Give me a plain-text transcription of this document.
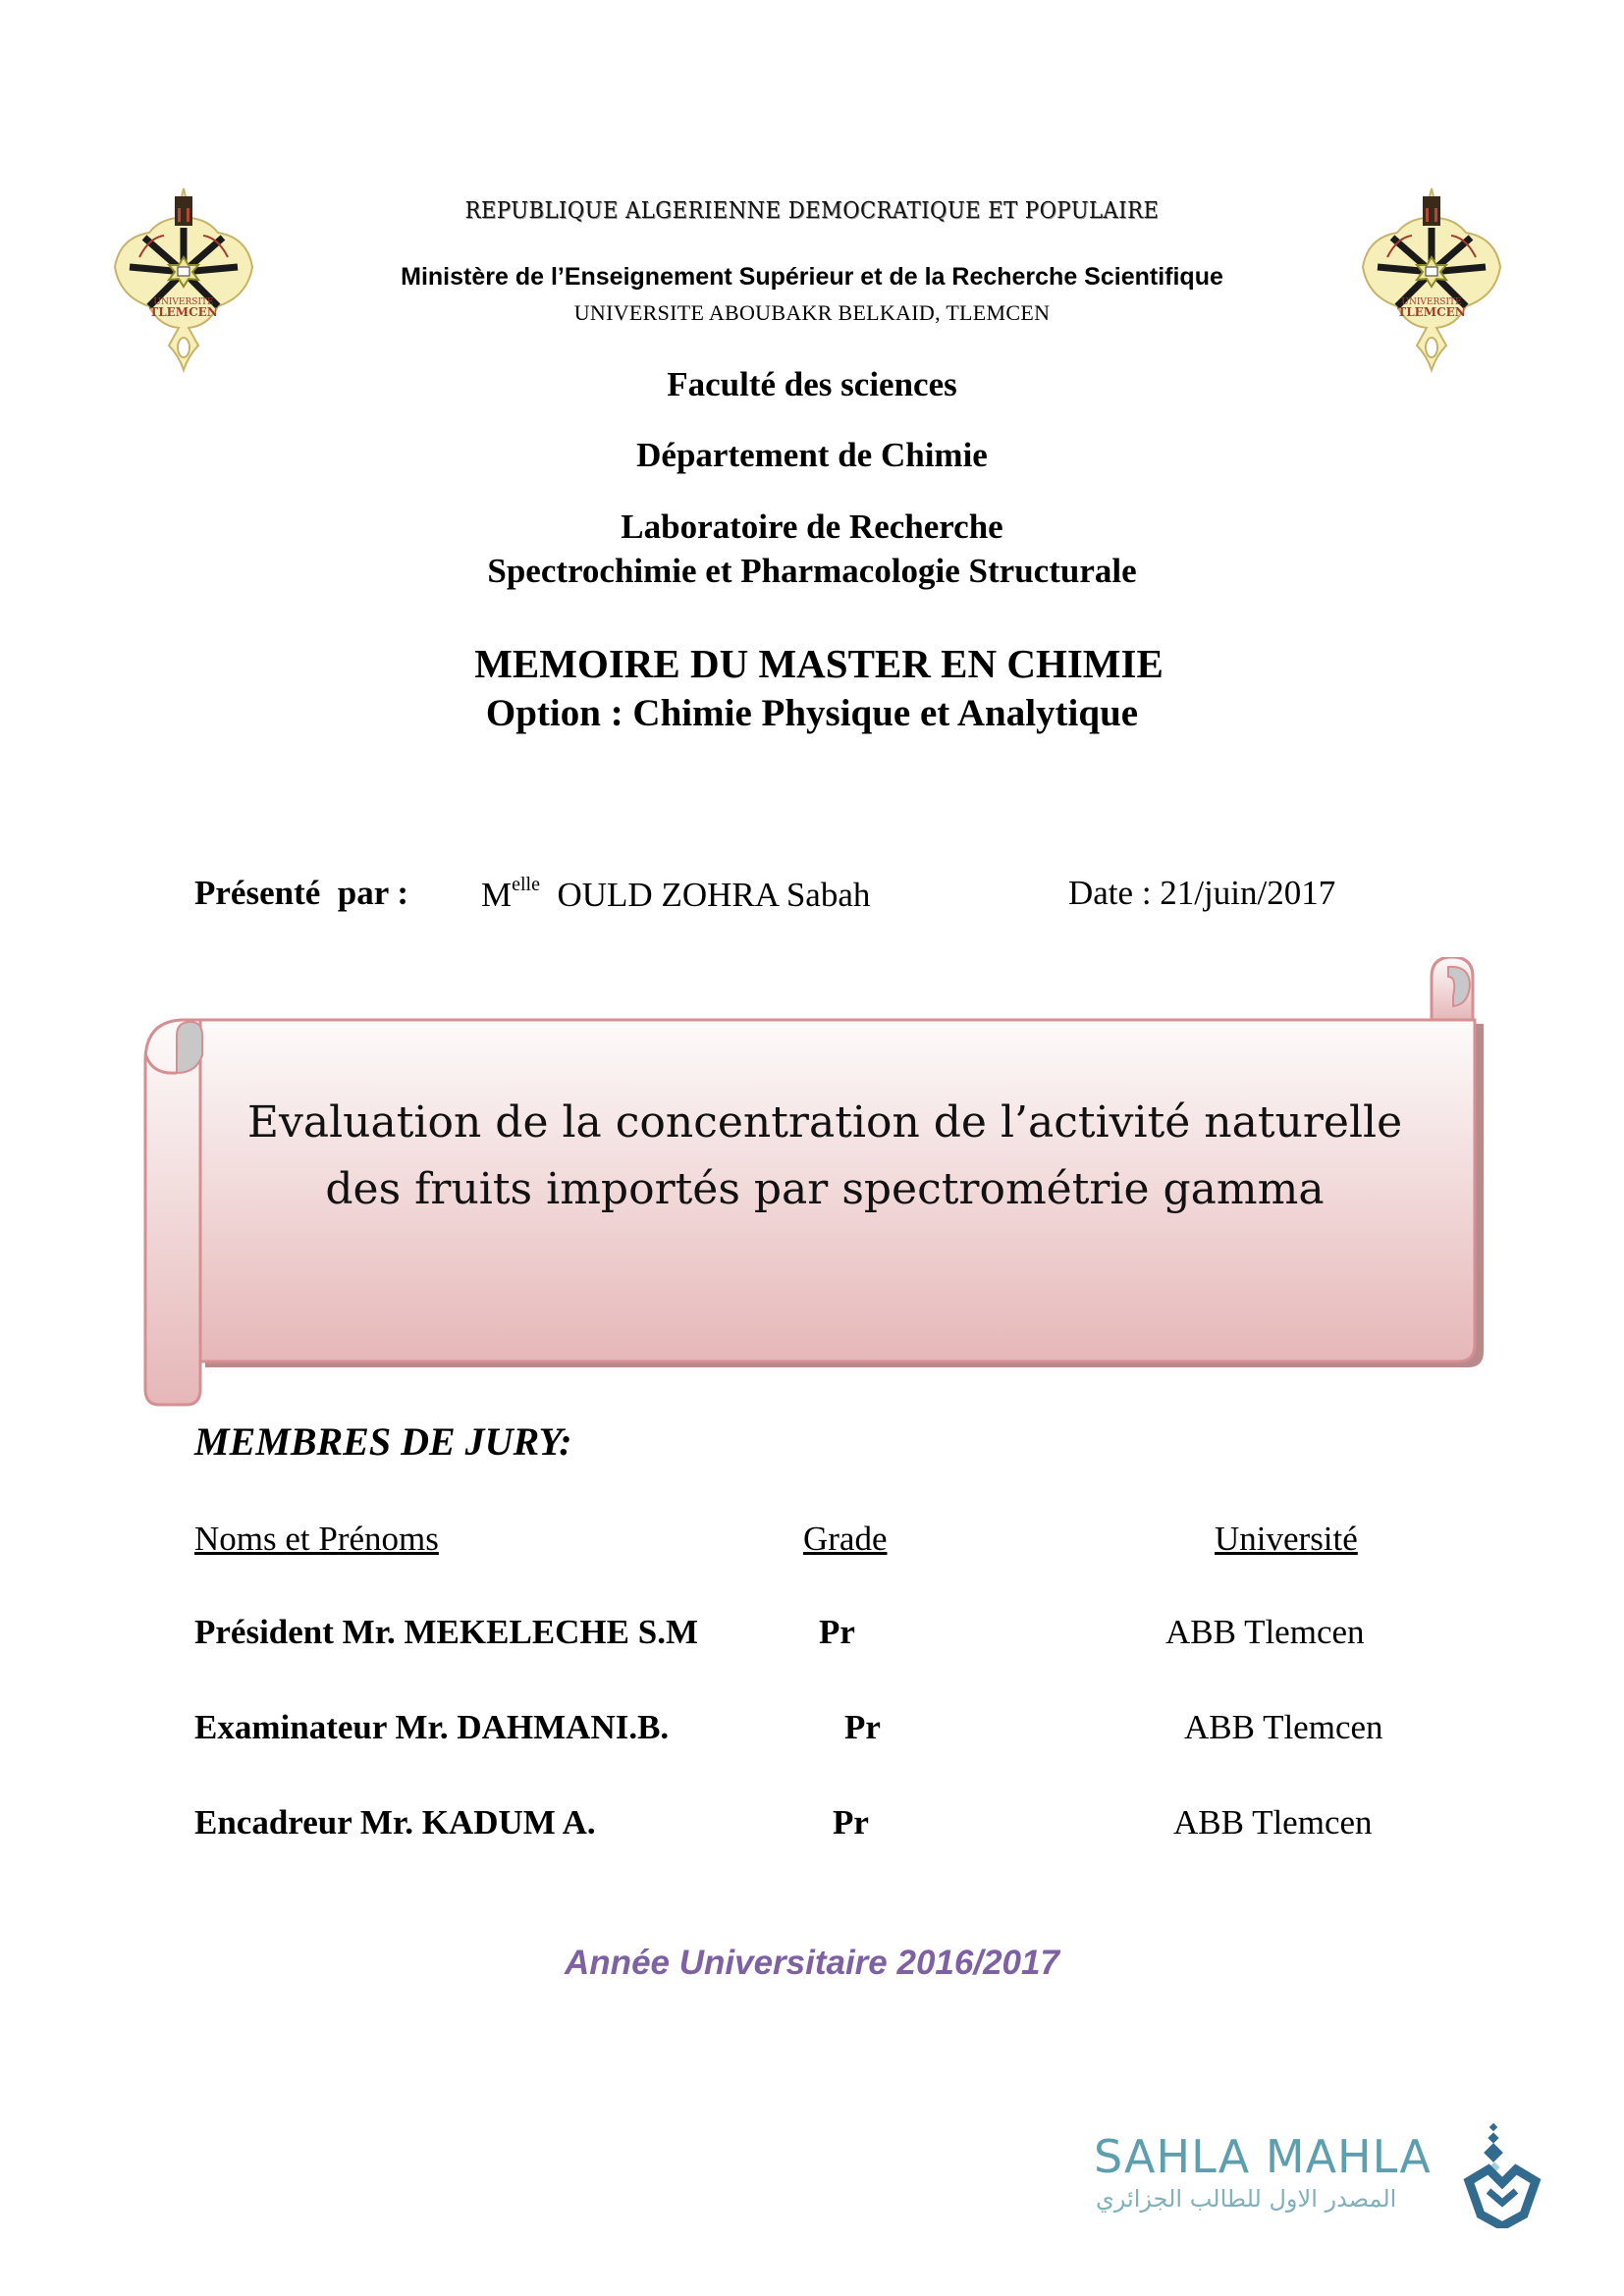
UNIVERSITE
TLEMCEN
UNIVERSITE
TLEMCEN
REPUBLIQUE ALGERIENNE DEMOCRATIQUE ET POPULAIRE
Ministère de l’Enseignement Supérieur et de la Recherche Scientifique
UNIVERSITE ABOUBAKR BELKAID, TLEMCEN
Faculté des sciences
Département de Chimie
Laboratoire de Recherche
Spectrochimie et Pharmacologie Structurale
MEMOIRE DU MASTER EN CHIMIE
Option : Chimie Physique et Analytique
Présenté  par : $M^{elle}$ OULD ZOHRA Sabah	Date : 21/juin/2017
Evaluation de la concentration de l’activité naturelle
des fruits importés par spectrométrie gamma
MEMBRES DE JURY:
Noms et Prénoms	Grade	Université
Président Mr. MEKELECHE S.M	Pr	ABB Tlemcen
Examinateur Mr. DAHMANI.B.	Pr	ABB Tlemcen
Encadreur Mr. KADUM A.	Pr	ABB Tlemcen
Année Universitaire 2016/2017
SAHLA MAHLA
المصدر الاول للطالب الجزائري
